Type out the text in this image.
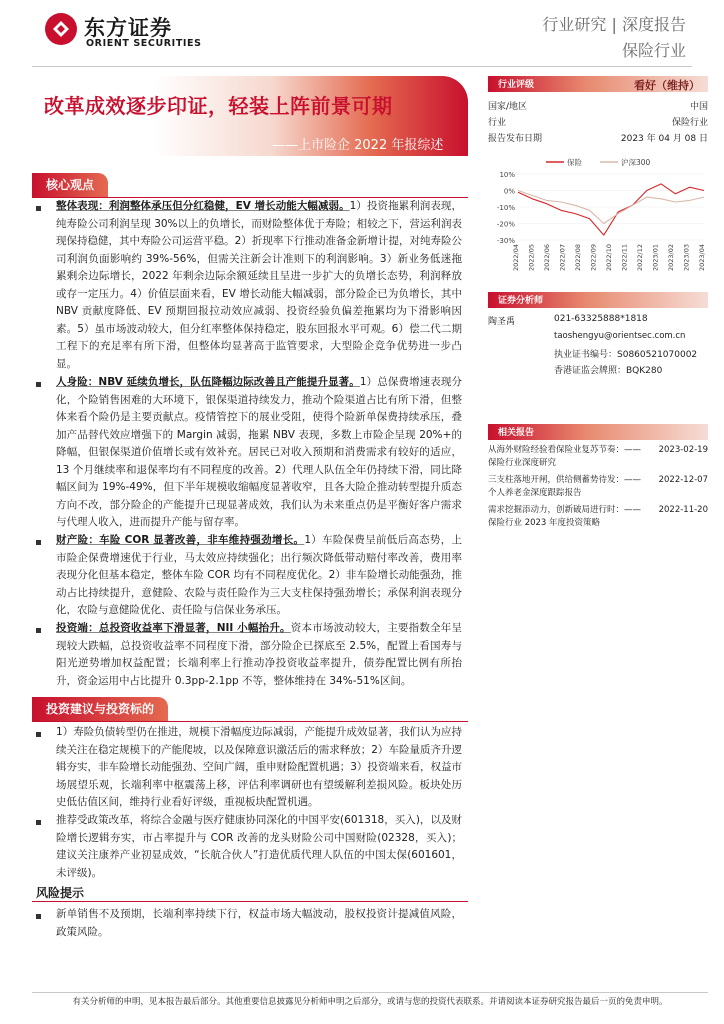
东方证券
ORIENT SECURITIES
行业研究 | 深度报告
保险行业
改革成效逐步印证，轻装上阵前景可期
——上市险企 2022 年报综述
核心观点
整体表现：利润整体承压但分红稳健，EV 增长动能大幅减弱。1）投资拖累利润表现，纯寿险公司利润呈现 30%以上的负增长，而财险整体优于寿险；相较之下，营运利润表现保持稳健，其中寿险公司运营平稳。2）折现率下行推动准备金新增计提，对纯寿险公司利润负面影响约 39%-56%，但需关注新会计准则下的利润影响。3）新业务低迷拖累剩余边际增长，2022 年剩余边际余额延续且呈进一步扩大的负增长态势，利润释放或存一定压力。4）价值层面来看，EV 增长动能大幅减弱，部分险企已为负增长，其中 NBV 贡献度降低、EV 预期回报拉动效应减弱、投资经验负偏差拖累均为下滑影响因素。5）虽市场波动较大，但分红率整体保持稳定，股东回报水平可观。6）偿二代二期工程下的充足率有所下滑，但整体均显著高于监管要求，大型险企竞争优势进一步凸显。
人身险：NBV 延续负增长，队伍降幅边际改善且产能提升显著。1）总保费增速表现分化，个险销售困难的大环境下，银保渠道持续发力，推动个险渠道占比有所下滑，但整体来看个险仍是主要贡献点。疫情管控下的展业受阻，使得个险新单保费持续承压，叠加产品替代效应增强下的 Margin 减弱，拖累 NBV 表现，多数上市险企呈现 20%+的降幅，但银保渠道价值增长或有效补充。居民已对收入预期和消费需求有较好的适应，13 个月继续率和退保率均有不同程度的改善。2）代理人队伍全年仍持续下滑，同比降幅区间为 19%-49%，但下半年规模收缩幅度显著收窄，且各大险企推动转型提升质态方向不改，部分险企的产能提升已现显著成效，我们认为未来重点仍是平衡好客户需求与代理人收入，进而提升产能与留存率。
财产险：车险 COR 显著改善，非车维持强劲增长。1）车险保费呈前低后高态势，上市险企保费增速优于行业，马太效应持续强化；出行频次降低带动赔付率改善，费用率表现分化但基本稳定，整体车险 COR 均有不同程度优化。2）非车险增长动能强劲，推动占比持续提升，意健险、农险与责任险作为三大支柱保持强劲增长；承保利润表现分化，农险与意健险优化、责任险与信保业务承压。
投资端：总投资收益率下滑显著，NII 小幅抬升。资本市场波动较大，主要指数全年呈现较大跌幅，总投资收益率不同程度下滑，部分险企已探底至 2.5%，配置上看国寿与阳光逆势增加权益配置；长端利率上行推动净投资收益率提升，债券配置比例有所抬升，资金运用中占比提升 0.3pp-2.1pp 不等，整体维持在 34%-51%区间。
投资建议与投资标的
1）寿险负债转型仍在推进，规模下滑幅度边际减弱，产能提升成效显著，我们认为应持续关注在稳定规模下的产能爬坡，以及保障意识激活后的需求释放；2）车险量质齐升逻辑夯实，非车险增长动能强劲、空间广阔，重申财险配置机遇；3）投资端来看，权益市场展望乐观，长端利率中枢震荡上移，评估利率调研也有望缓解利差损风险。板块处历史低估值区间，维持行业看好评级，重视板块配置机遇。
推荐受政策改革，将综合金融与医疗健康协同深化的中国平安(601318，买入)，以及财险增长逻辑夯实，市占率提升与 COR 改善的龙头财险公司中国财险(02328，买入)；建议关注康养产业初显成效，“长航合伙人”打造优质代理人队伍的中国太保(601601，未评级)。
风险提示
新单销售不及预期，长端利率持续下行，权益市场大幅波动，股权投资计提减值风险，政策风险。
行业评级	看好（维持）
国家/地区	中国
行业	保险行业
报告发布日期	2023 年 04 月 08 日
10%
0%
-10%
-20%
-30%
2022/04 2022/05 2022/06 2022/07 2022/08 2022/09 2022/10 2022/11 2022/12 2023/01 2023/02 2023/03 2023/04
保险	沪深300
证券分析师
陶圣禹	021-63325888*1818
taoshengyu@orientsec.com.cn
执业证书编号：S0860521070002
香港证监会牌照：BQK280
相关报告
从海外财险经验看保险业复苏节奏：——	2023-02-19
保险行业深度研究
三支柱落地开闸，供给侧蓄势待发：——	2022-12-07
个人养老金深度跟踪报告
需求挖掘添动力，创新破局进行时：——	2022-11-20
保险行业 2023 年度投资策略
有关分析师的申明，见本报告最后部分。其他重要信息披露见分析师申明之后部分，或请与您的投资代表联系。并请阅读本证券研究报告最后一页的免责申明。
